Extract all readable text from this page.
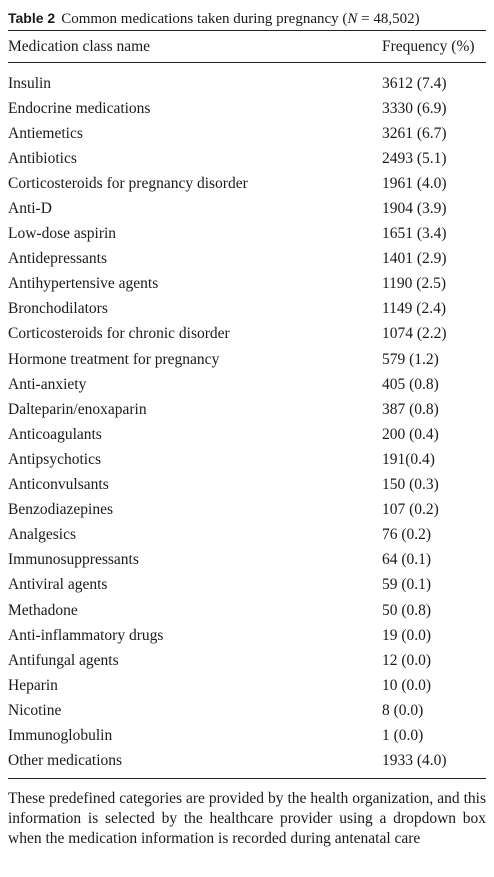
Table 2 Common medications taken during pregnancy (N = 48,502)
Medication class name	Frequency (%)

Insulin	3612 (7.4)
Endocrine medications	3330 (6.9)
Antiemetics	3261 (6.7)
Antibiotics	2493 (5.1)
Corticosteroids for pregnancy disorder	1961 (4.0)
Anti-D	1904 (3.9)
Low-dose aspirin	1651 (3.4)
Antidepressants	1401 (2.9)
Antihypertensive agents	1190 (2.5)
Bronchodilators	1149 (2.4)
Corticosteroids for chronic disorder	1074 (2.2)
Hormone treatment for pregnancy	579 (1.2)
Anti-anxiety	405 (0.8)
Dalteparin/enoxaparin	387 (0.8)
Anticoagulants	200 (0.4)
Antipsychotics	191(0.4)
Anticonvulsants	150 (0.3)
Benzodiazepines	107 (0.2)
Analgesics	76 (0.2)
Immunosuppressants	64 (0.1)
Antiviral agents	59 (0.1)
Methadone	50 (0.8)
Anti-inflammatory drugs	19 (0.0)
Antifungal agents	12 (0.0)
Heparin	10 (0.0)
Nicotine	8 (0.0)
Immunoglobulin	1 (0.0)
Other medications	1933 (4.0)
These predefined categories are provided by the health organization, and this information is selected by the healthcare provider using a dropdown box when the medication information is recorded during antenatal care
